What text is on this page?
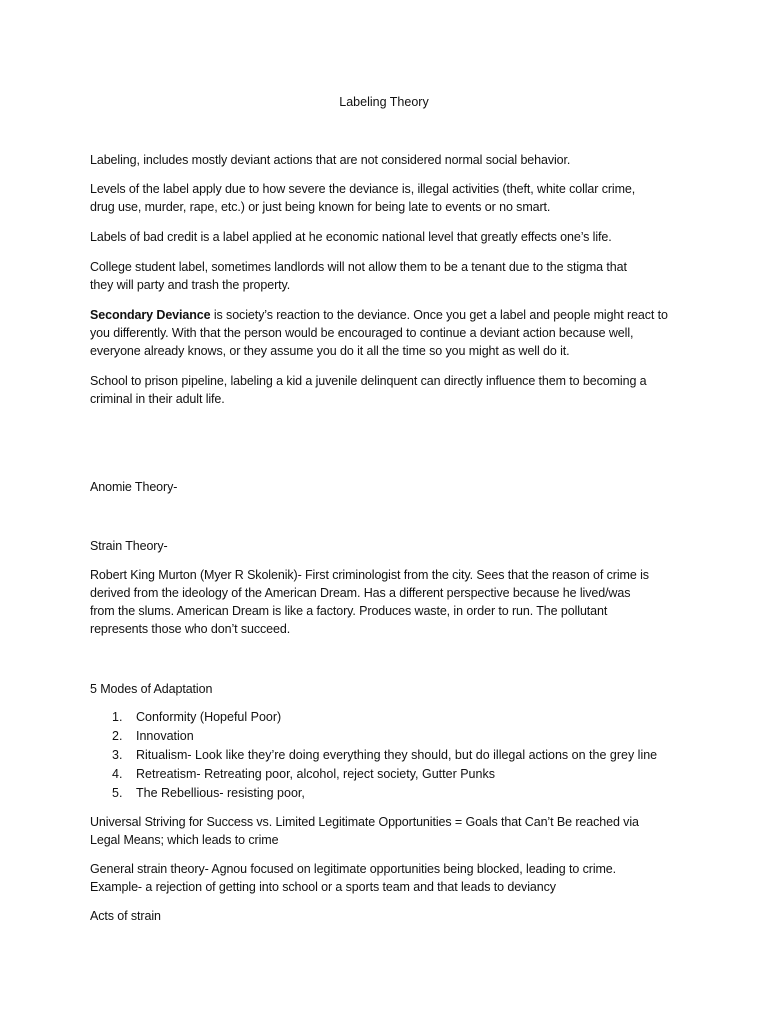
Labeling Theory
Labeling, includes mostly deviant actions that are not considered normal social behavior.
Levels of the label apply due to how severe the deviance is, illegal activities (theft, white collar crime,
drug use, murder, rape, etc.) or just being known for being late to events or no smart.
Labels of bad credit is a label applied at he economic national level that greatly effects one’s life.
College student label, sometimes landlords will not allow them to be a tenant due to the stigma that
they will party and trash the property.
Secondary Deviance is society’s reaction to the deviance. Once you get a label and people might react to
you differently. With that the person would be encouraged to continue a deviant action because well,
everyone already knows, or they assume you do it all the time so you might as well do it.
School to prison pipeline, labeling a kid a juvenile delinquent can directly influence them to becoming a
criminal in their adult life.
Anomie Theory-
Strain Theory-
Robert King Murton (Myer R Skolenik)- First criminologist from the city. Sees that the reason of crime is
derived from the ideology of the American Dream. Has a different perspective because he lived/was
from the slums. American Dream is like a factory. Produces waste, in order to run. The pollutant
represents those who don’t succeed.
5 Modes of Adaptation
1. Conformity (Hopeful Poor)
2. Innovation
3. Ritualism- Look like they’re doing everything they should, but do illegal actions on the grey line
4. Retreatism- Retreating poor, alcohol, reject society, Gutter Punks
5. The Rebellious- resisting poor,
Universal Striving for Success vs. Limited Legitimate Opportunities = Goals that Can’t Be reached via
Legal Means; which leads to crime
General strain theory- Agnou focused on legitimate opportunities being blocked, leading to crime.
Example- a rejection of getting into school or a sports team and that leads to deviancy
Acts of strain
